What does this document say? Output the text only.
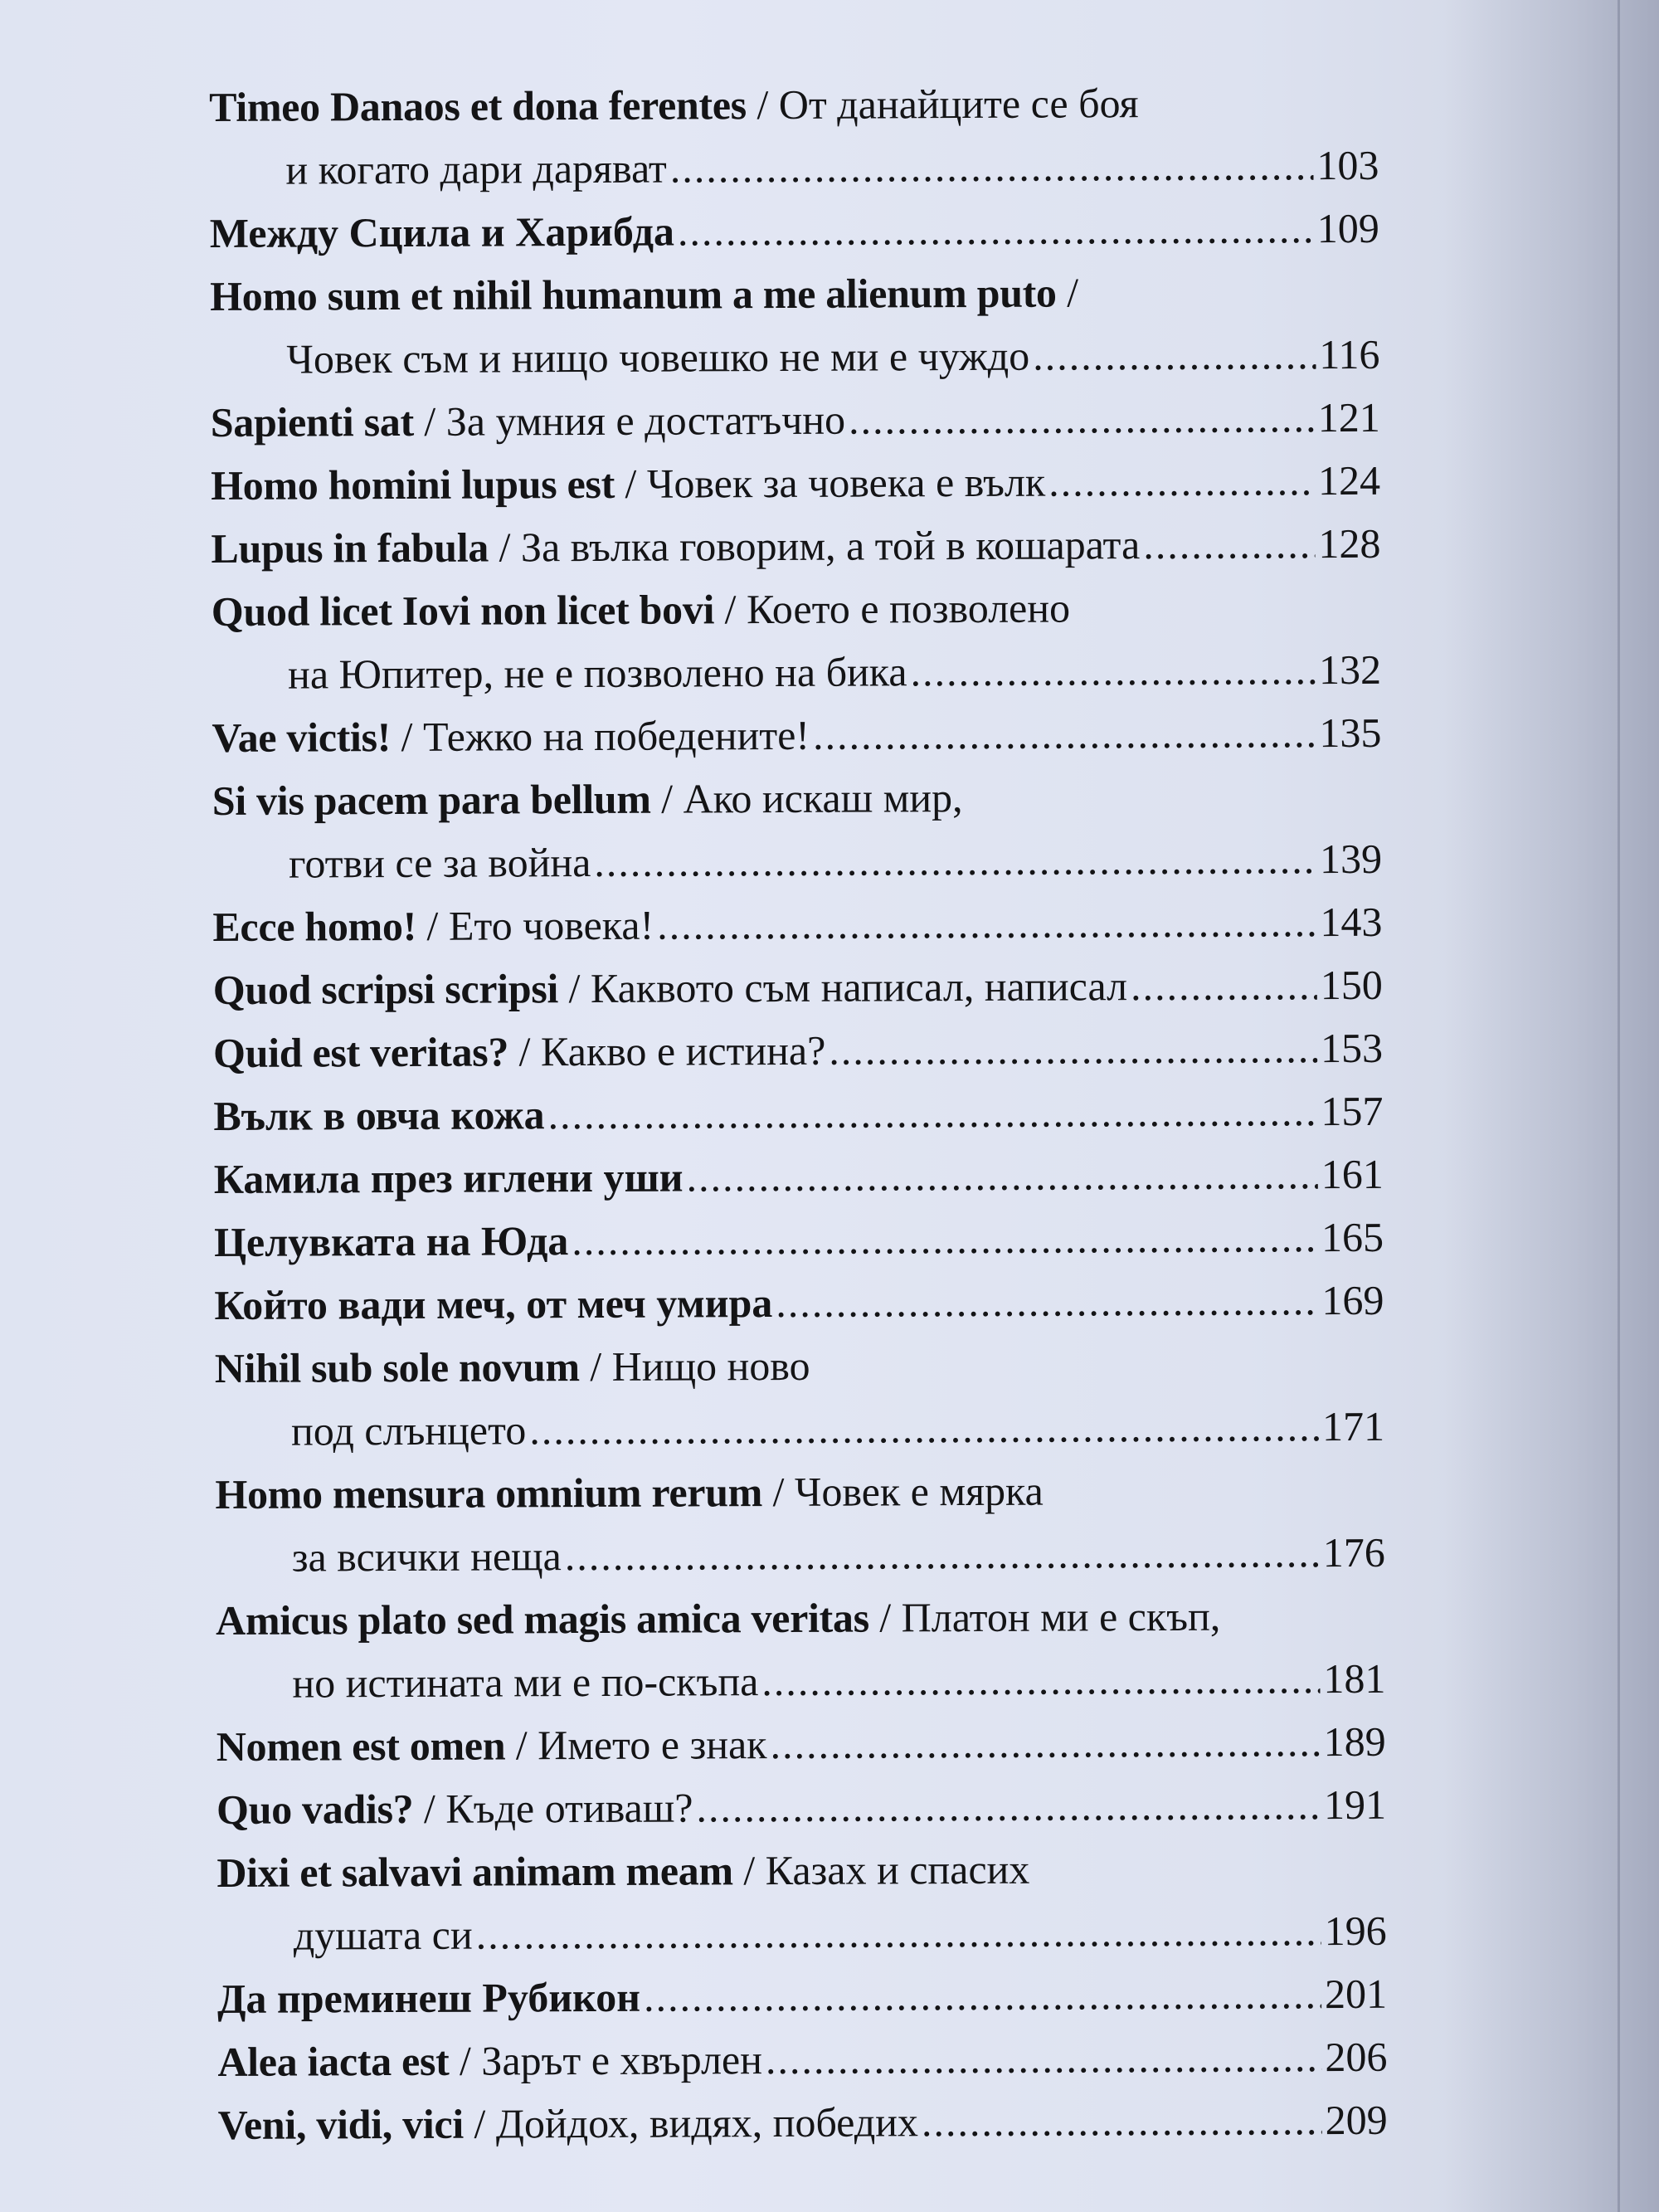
Timeo Danaos et dona ferentes / От данайците се боя
и когато дари даряват .....	103
Между Сцила и Харибда .....	109
Homo sum et nihil humanum a me alienum puto /
Човек съм и нищо човешко не ми е чуждо .....	116
Sapienti sat / За умния е достатъчно .....	121
Homo homini lupus est / Човек за човека е вълк .....	124
Lupus in fabula / За вълка говорим, а той в кошарата .....	128
Quod licet Iovi non licet bovi / Което е позволено
на Юпитер, не е позволено на бика .....	132
Vae victis! / Тежко на победените! .....	135
Si vis pacem para bellum / Ако искаш мир,
готви се за война .....	139
Ecce homo! / Ето човека! .....	143
Quod scripsi scripsi / Каквото съм написал, написал .....	150
Quid est veritas? / Какво е истина? .....	153
Вълк в овча кожа .....	157
Камила през иглени уши .....	161
Целувката на Юда .....	165
Който вади меч, от меч умира .....	169
Nihil sub sole novum / Нищо ново
под слънцето .....	171
Homo mensura omnium rerum / Човек е мярка
за всички неща .....	176
Amicus plato sed magis amica veritas / Платон ми е скъп,
но истината ми е по-скъпа .....	181
Nomen est omen / Името е знак .....	189
Quo vadis? / Къде отиваш? .....	191
Dixi et salvavi animam meam / Казах и спасих
душата си .....	196
Да преминеш Рубикон .....	201
Alea iacta est / Зарът е хвърлен .....	206
Veni, vidi, vici / Дойдох, видях, победих .....	209
